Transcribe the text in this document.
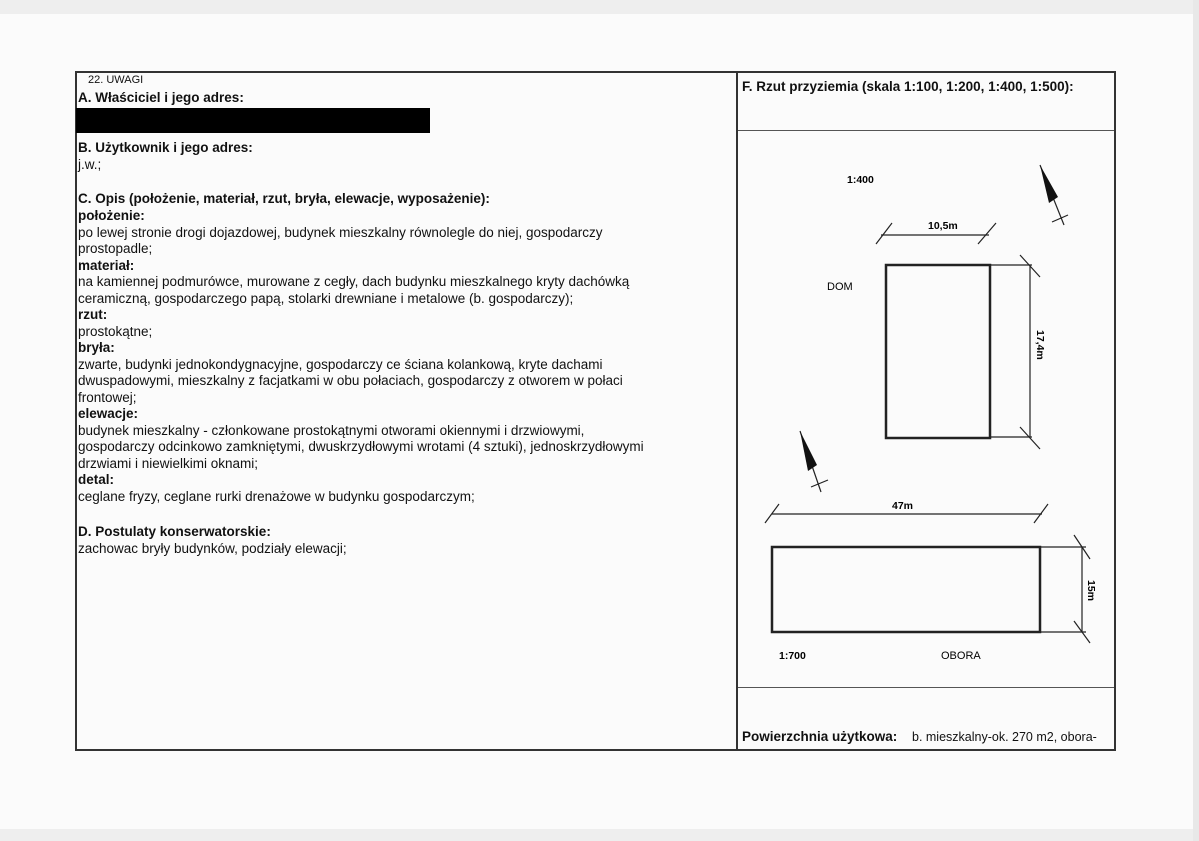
22. UWAGI
A. Właściciel i jego adres:
B. Użytkownik i jego adres:
j.w.;
C. Opis (położenie, materiał, rzut, bryła, elewacje, wyposażenie):
położenie:
po lewej stronie drogi dojazdowej, budynek mieszkalny równolegle do niej, gospodarczy
prostopadle;
materiał:
na kamiennej podmurówce, murowane z cegły, dach budynku mieszkalnego kryty dachówką
ceramiczną, gospodarczego papą, stolarki drewniane i metalowe (b. gospodarczy);
rzut:
prostokątne;
bryła:
zwarte, budynki jednokondygnacyjne, gospodarczy ce ściana kolankową, kryte dachami
dwuspadowymi, mieszkalny z facjatkami w obu połaciach, gospodarczy z otworem w połaci
frontowej;
elewacje:
budynek mieszkalny - członkowane prostokątnymi otworami okiennymi i drzwiowymi,
gospodarczy odcinkowo zamkniętymi, dwuskrzydłowymi wrotami (4 sztuki), jednoskrzydłowymi
drzwiami i niewielkimi oknami;
detal:
ceglane fryzy, ceglane rurki drenażowe w budynku gospodarczym;
D. Postulaty konserwatorskie:
zachowac bryły budynków, podziały elewacji;
F. Rzut przyziemia (skala 1:100, 1:200, 1:400, 1:500):
1:400
10,5m
DOM
17,4m
47m
15m
1:700	OBORA
Powierzchnia użytkowa: b. mieszkalny-ok. 270 m2, obora-
